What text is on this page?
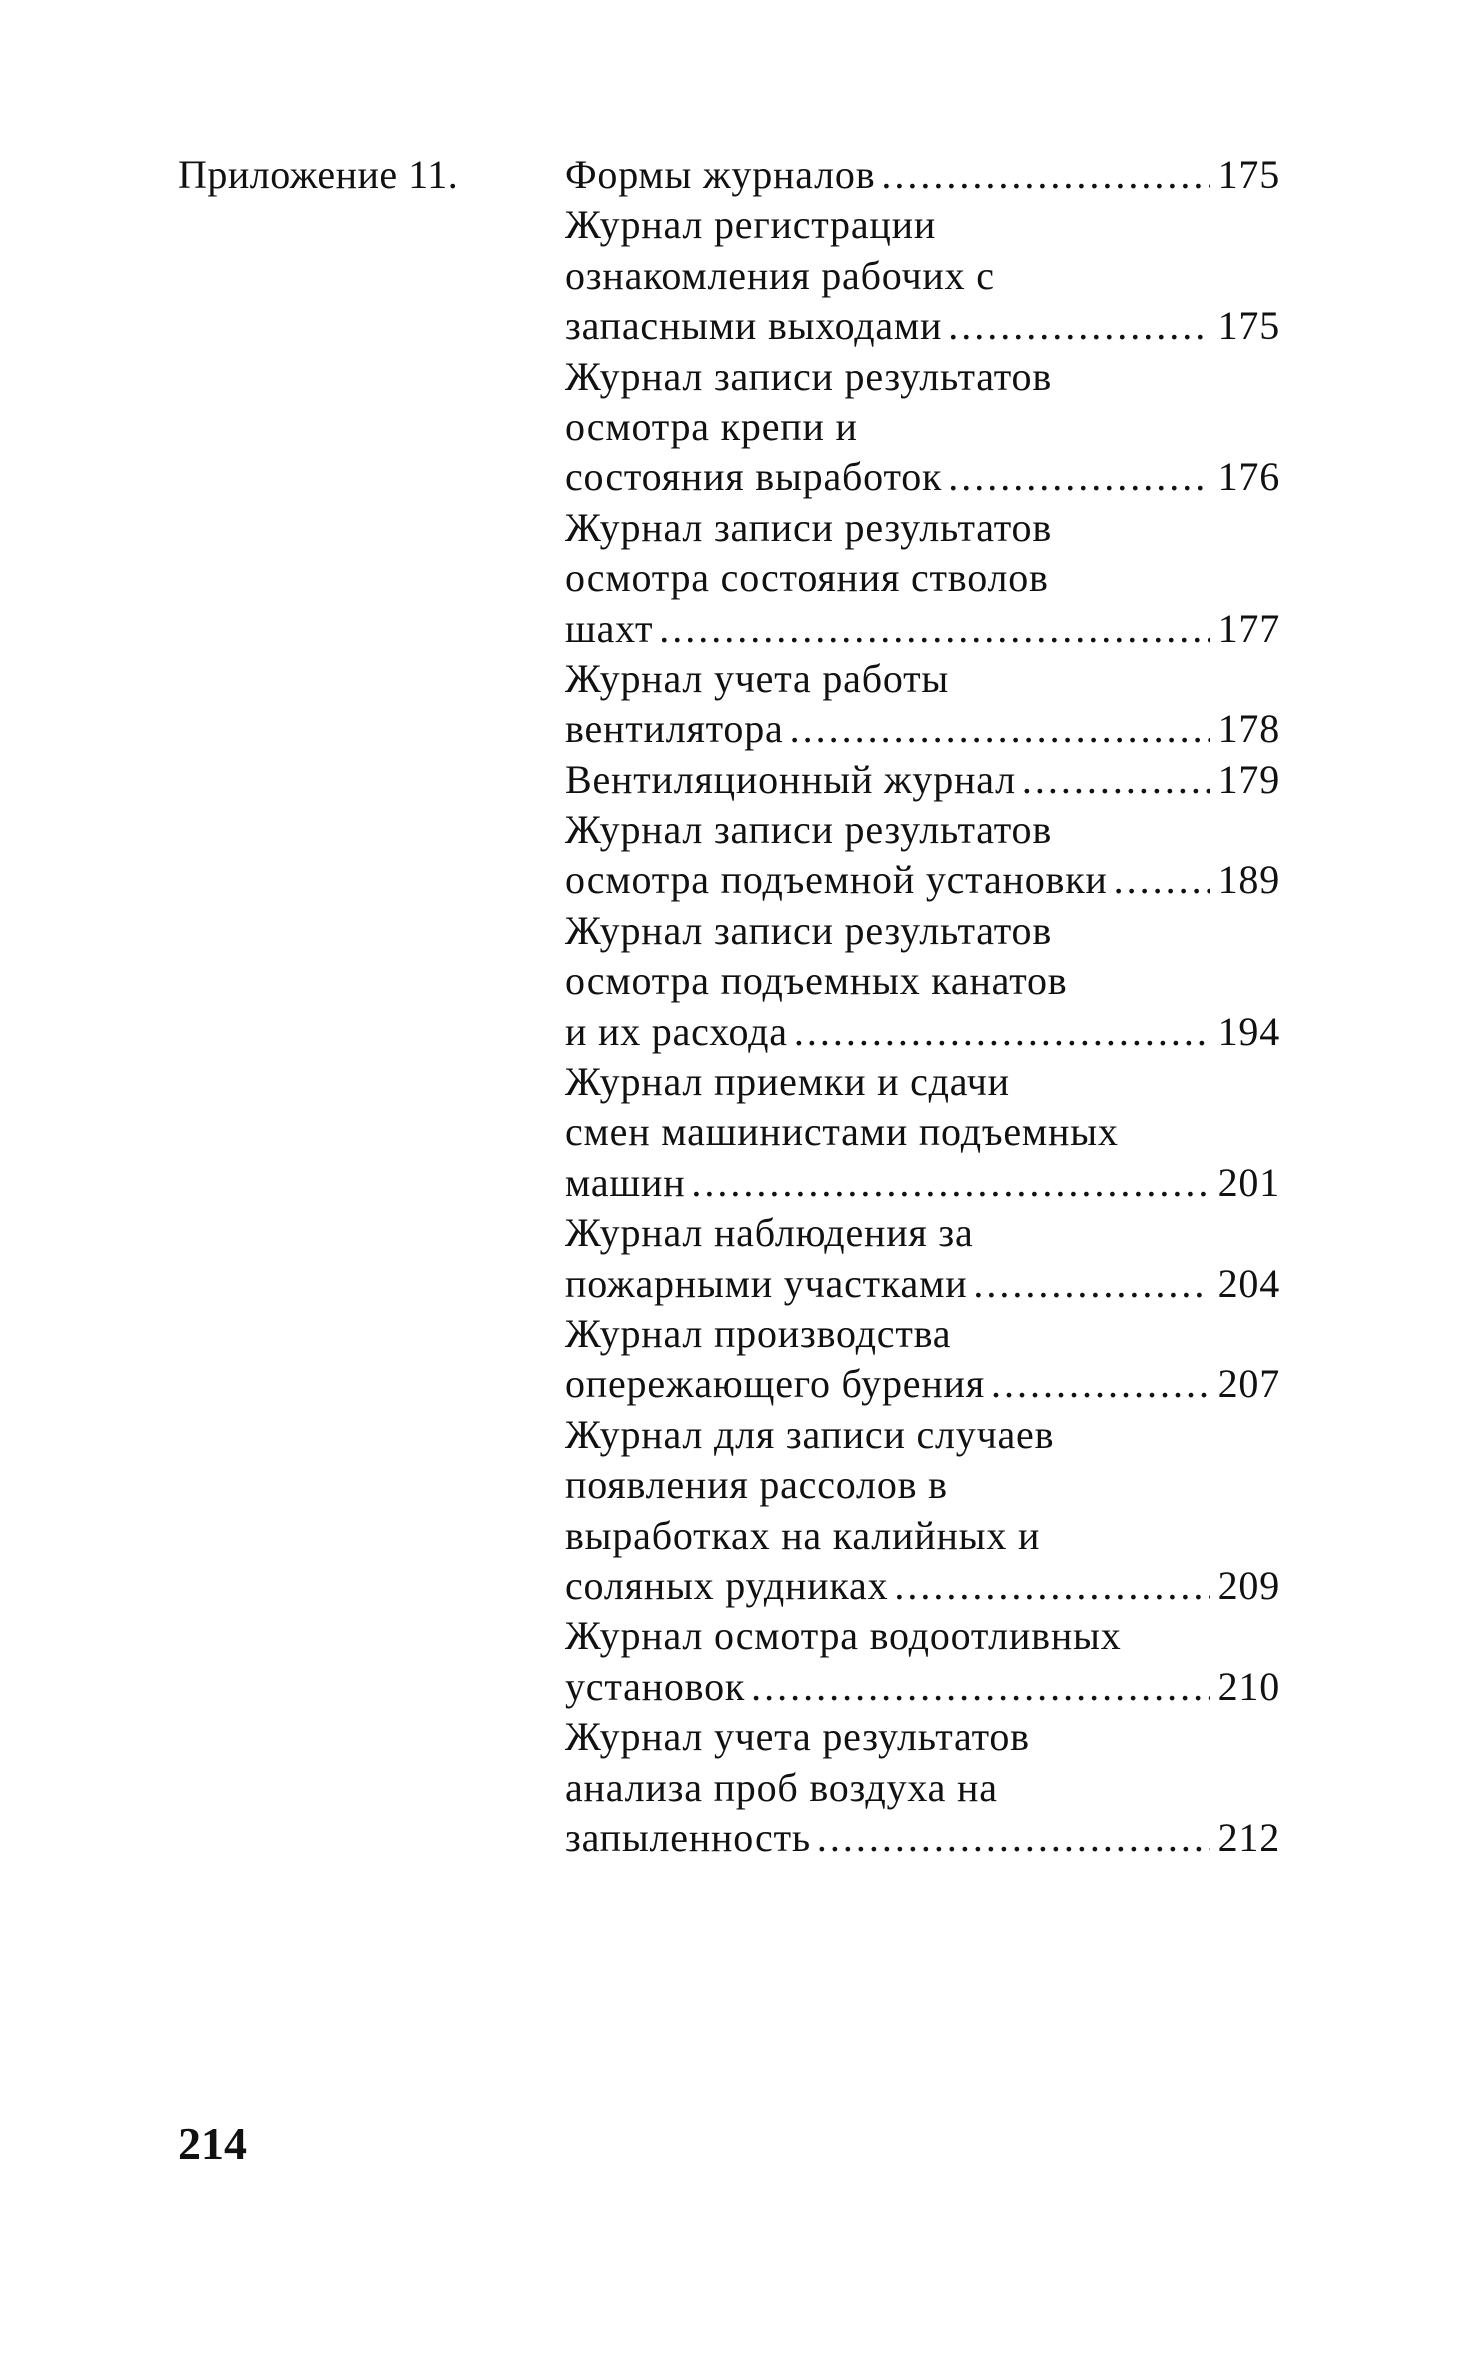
Приложение 11.	Формы журналов .....	175
Журнал регистрации
ознакомления рабочих с
запасными выходами .....	175
Журнал записи результатов
осмотра крепи и
состояния выработок .....	176
Журнал записи результатов
осмотра состояния стволов
шахт .....	177
Журнал учета работы
вентилятора .....	178
Вентиляционный журнал .....	179
Журнал записи результатов
осмотра подъемной установки .....	189
Журнал записи результатов
осмотра подъемных канатов
и их расхода .....	194
Журнал приемки и сдачи
смен машинистами подъемных
машин .....	201
Журнал наблюдения за
пожарными участками .....	204
Журнал производства
опережающего бурения .....	207
Журнал для записи случаев
появления рассолов в
выработках на калийных и
соляных рудниках .....	209
Журнал осмотра водоотливных
установок .....	210
Журнал учета результатов
анализа проб воздуха на
запыленность .....	212
214
